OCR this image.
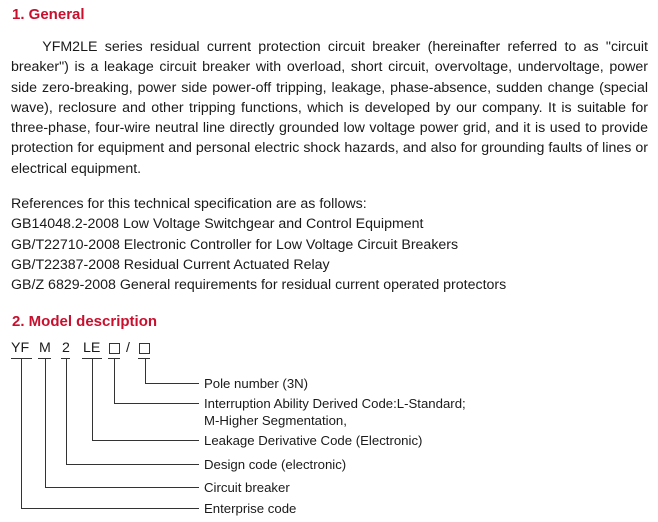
1. General

YFM2LE series residual current protection circuit breaker (hereinafter referred to as "circuit breaker") is a leakage circuit breaker with overload, short circuit, overvoltage, undervoltage, power side zero-breaking, power side power-off tripping, leakage, phase-absence, sudden change (special wave), reclosure and other tripping functions, which is developed by our company. It is suitable for three-phase, four-wire neutral line directly grounded low voltage power grid, and it is used to provide protection for equipment and personal electric shock hazards, and also for grounding faults of lines or electrical equipment.

References for this technical specification are as follows:
GB14048.2-2008 Low Voltage Switchgear and Control Equipment
GB/T22710-2008 Electronic Controller for Low Voltage Circuit Breakers
GB/T22387-2008 Residual Current Actuated Relay
GB/Z 6829-2008 General requirements for residual current operated protectors
2. Model description
YF M 2 LE /
Pole number (3N)
Interruption Ability Derived Code:L-Standard;
M-Higher Segmentation,
Leakage Derivative Code (Electronic)
Design code (electronic)
Circuit breaker
Enterprise code
